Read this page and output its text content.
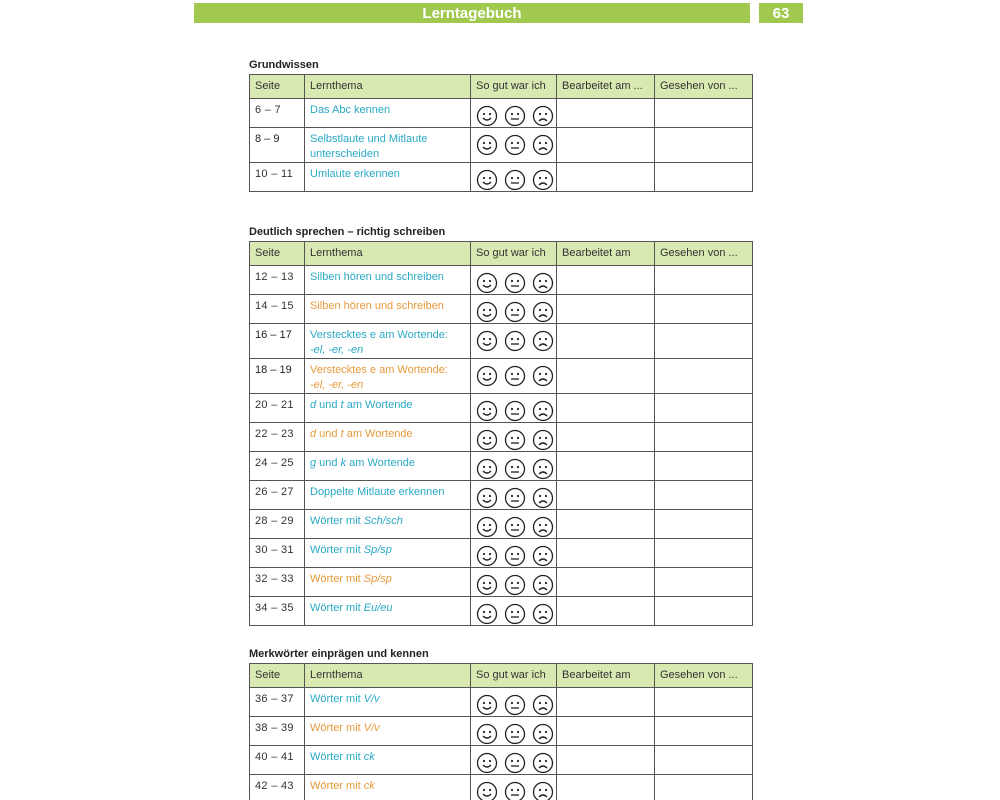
Lerntagebuch	63
Grundwissen
Seite	Lernthema	So gut war ich	Bearbeitet am ...	Gesehen von ...
6 – 7	Das Abc kennen

8 – 9	Selbstlaute und Mitlaute unterscheiden

10 – 11	Umlaute erkennen

Deutlich sprechen – richtig schreiben
Seite	Lernthema	So gut war ich	Bearbeitet am	Gesehen von ...
12 – 13	Silben hören und schreiben

14 – 15	Silben hören und schreiben

16 – 17	Verstecktes e am Wortende:
-el, -er, -en

18 – 19	Verstecktes e am Wortende:
-el, -er, -en

20 – 21	d und t am Wortende

22 – 23	d und t am Wortende

24 – 25	g und k am Wortende

26 – 27	Doppelte Mitlaute erkennen

28 – 29	Wörter mit Sch/sch

30 – 31	Wörter mit Sp/sp

32 – 33	Wörter mit Sp/sp

34 – 35	Wörter mit Eu/eu

Merkwörter einprägen und kennen
Seite	Lernthema	So gut war ich	Bearbeitet am	Gesehen von ...
36 – 37	Wörter mit V/v

38 – 39	Wörter mit V/v

40 – 41	Wörter mit ck

42 – 43	Wörter mit ck
